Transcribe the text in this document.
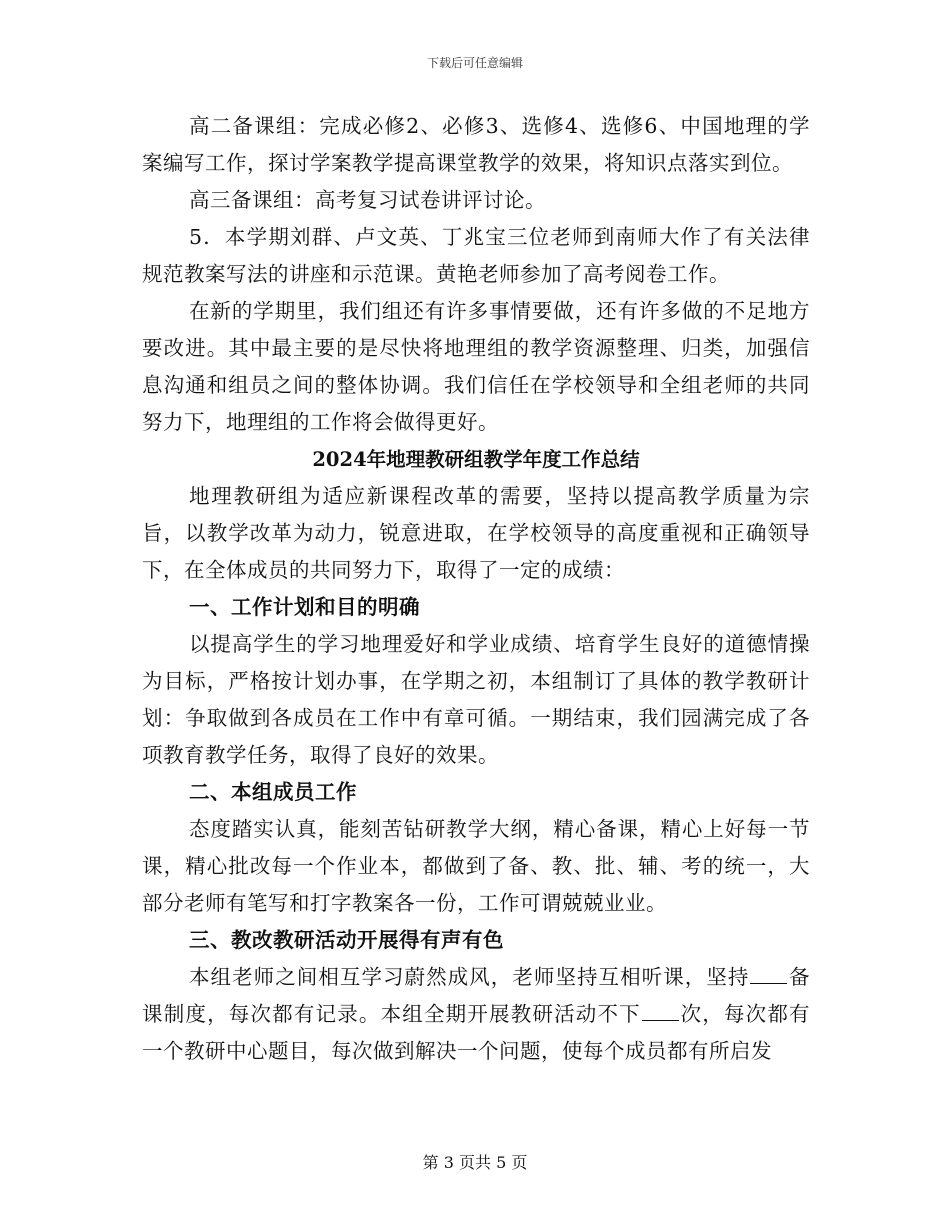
下载后可任意编辑

高二备课组：完成必修2、必修3、选修4、选修6、中国地理的学案编写工作，探讨学案教学提高课堂教学的效果，将知识点落实到位。

高三备课组：高考复习试卷讲评讨论。

5．本学期刘群、卢文英、丁兆宝三位老师到南师大作了有关法律规范教案写法的讲座和示范课。黄艳老师参加了高考阅卷工作。

在新的学期里，我们组还有许多事情要做，还有许多做的不足地方要改进。其中最主要的是尽快将地理组的教学资源整理、归类，加强信息沟通和组员之间的整体协调。我们信任在学校领导和全组老师的共同努力下，地理组的工作将会做得更好。

2024年地理教研组教学年度工作总结

地理教研组为适应新课程改革的需要，坚持以提高教学质量为宗旨，以教学改革为动力，锐意进取，在学校领导的高度重视和正确领导下，在全体成员的共同努力下，取得了一定的成绩：

一、工作计划和目的明确

以提高学生的学习地理爱好和学业成绩、培育学生良好的道德情操为目标，严格按计划办事，在学期之初，本组制订了具体的教学教研计划：争取做到各成员在工作中有章可循。一期结束，我们园满完成了各项教育教学任务，取得了良好的效果。

二、本组成员工作

态度踏实认真，能刻苦钻研教学大纲，精心备课，精心上好每一节课，精心批改每一个作业本，都做到了备、教、批、辅、考的统一，大部分老师有笔写和打字教案各一份，工作可谓兢兢业业。

三、教改教研活动开展得有声有色

本组老师之间相互学习蔚然成风，老师坚持互相听课，坚持 备课制度，每次都有记录。本组全期开展教研活动不下 次，每次都有一个教研中心题目，每次做到解决一个问题，使每个成员都有所启发

第 3 页共 5 页
